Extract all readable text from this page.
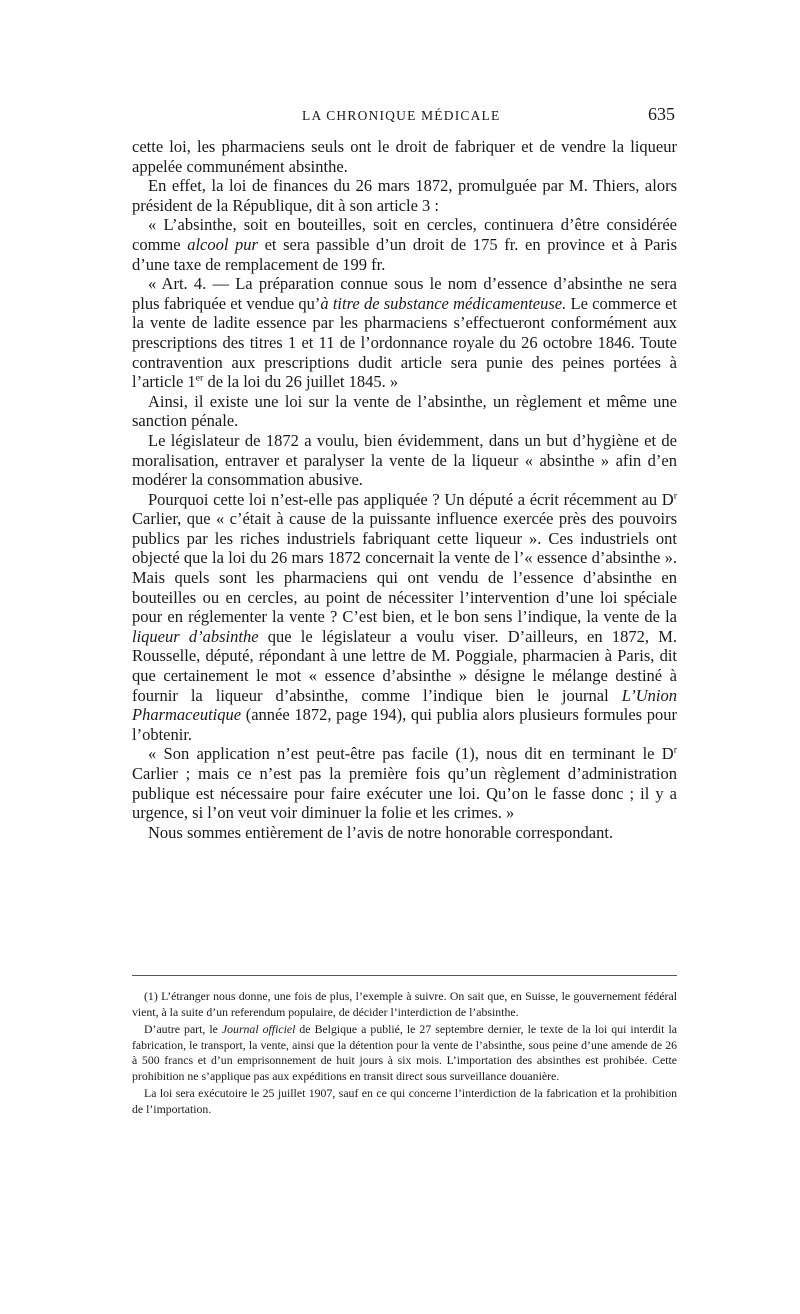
LA CHRONIQUE MÉDICALE	635

cette loi, les pharmaciens seuls ont le droit de fabriquer et de vendre la liqueur appelée communément absinthe.

En effet, la loi de finances du 26 mars 1872, promulguée par M. Thiers, alors président de la République, dit à son article 3 :

« L’absinthe, soit en bouteilles, soit en cercles, continuera d’être considérée comme alcool pur et sera passible d’un droit de 175 fr. en province et à Paris d’une taxe de remplacement de 199 fr.

« Art. 4. — La préparation connue sous le nom d’essence d’absinthe ne sera plus fabriquée et vendue qu’à titre de substance médicamenteuse. Le commerce et la vente de ladite essence par les pharmaciens s’effectueront conformément aux prescriptions des titres 1 et 11 de l’ordonnance royale du 26 octobre 1846. Toute contravention aux prescriptions dudit article sera punie des peines portées à l’article 1er de la loi du 26 juillet 1845. »

Ainsi, il existe une loi sur la vente de l’absinthe, un règlement et même une sanction pénale.

Le législateur de 1872 a voulu, bien évidemment, dans un but d’hygiène et de moralisation, entraver et paralyser la vente de la liqueur « absinthe » afin d’en modérer la consommation abusive.

Pourquoi cette loi n’est-elle pas appliquée ? Un député a écrit récemment au $D^r$ Carlier, que « c’était à cause de la puissante influence exercée près des pouvoirs publics par les riches industriels fabriquant cette liqueur ». Ces industriels ont objecté que la loi du 26 mars 1872 concernait la vente de l’« essence d’absinthe ». Mais quels sont les pharmaciens qui ont vendu de l’essence d’absinthe en bouteilles ou en cercles, au point de nécessiter l’intervention d’une loi spéciale pour en réglementer la vente ? C’est bien, et le bon sens l’indique, la vente de la liqueur d’absinthe que le législateur a voulu viser. D’ailleurs, en 1872, M. Rousselle, député, répondant à une lettre de M. Poggiale, pharmacien à Paris, dit que certainement le mot « essence d’absinthe » désigne le mélange destiné à fournir la liqueur d’absinthe, comme l’indique bien le journal L’Union Pharmaceutique (année 1872, page 194), qui publia alors plusieurs formules pour l’obtenir.

« Son application n’est peut-être pas facile (1), nous dit en terminant le $D^r$ Carlier ; mais ce n’est pas la première fois qu’un règlement d’administration publique est nécessaire pour faire exécuter une loi. Qu’on le fasse donc ; il y a urgence, si l’on veut voir diminuer la folie et les crimes. »

Nous sommes entièrement de l’avis de notre honorable correspondant.

(1) L’étranger nous donne, une fois de plus, l’exemple à suivre. On sait que, en Suisse, le gouvernement fédéral vient, à la suite d’un referendum populaire, de décider l’interdiction de l’absinthe.

D’autre part, le Journal officiel de Belgique a publié, le 27 septembre dernier, le texte de la loi qui interdit la fabrication, le transport, la vente, ainsi que la détention pour la vente de l’absinthe, sous peine d’une amende de 26 à 500 francs et d’un emprisonnement de huit jours à six mois. L’importation des absinthes est prohibée. Cette prohibition ne s’applique pas aux expéditions en transit direct sous surveillance douanière.

La loi sera exécutoire le 25 juillet 1907, sauf en ce qui concerne l’interdiction de la fabrication et la prohibition de l’importation.
